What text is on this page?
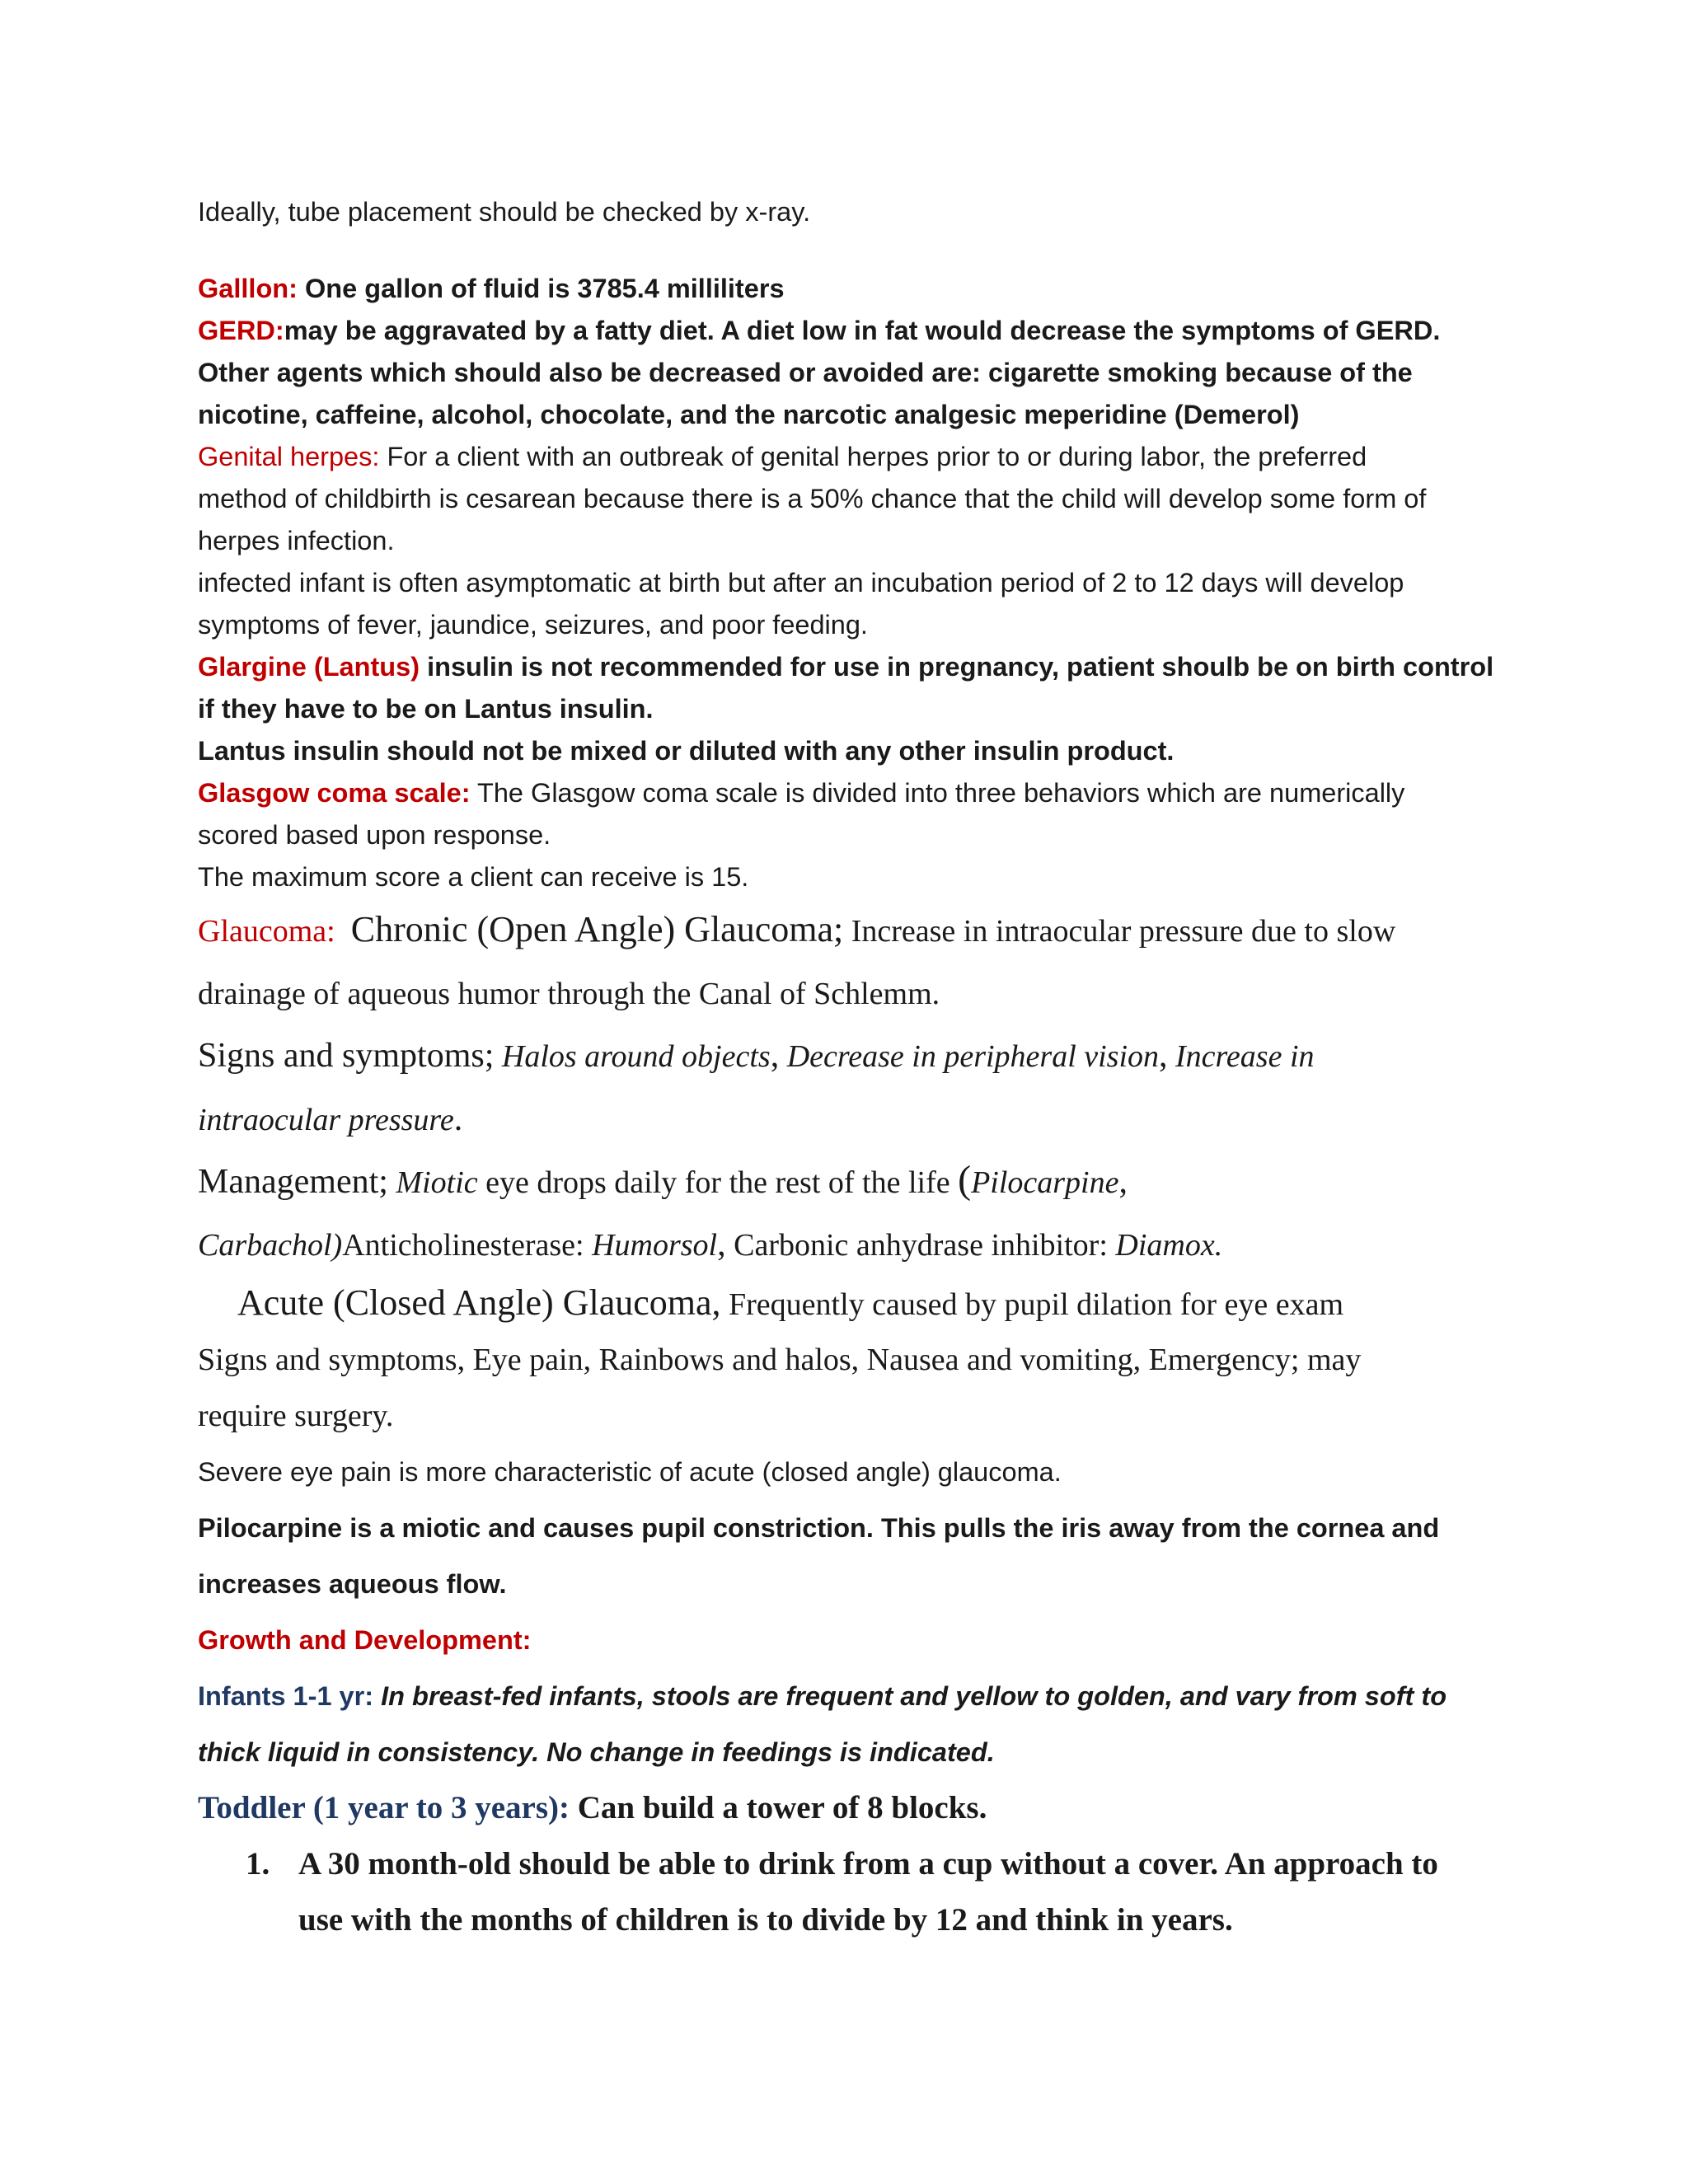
Ideally, tube placement should be checked by x-ray.

Galllon: One gallon of fluid is 3785.4 milliliters

GERD:may be aggravated by a fatty diet. A diet low in fat would decrease the symptoms of GERD.

Other agents which should also be decreased or avoided are: cigarette smoking because of the

nicotine, caffeine, alcohol, chocolate, and the narcotic analgesic meperidine (Demerol)

Genital herpes: For a client with an outbreak of genital herpes prior to or during labor, the preferred

method of childbirth is cesarean because there is a 50% chance that the child will develop some form of

herpes infection.

infected infant is often asymptomatic at birth but after an incubation period of 2 to 12 days will develop

symptoms of fever, jaundice, seizures, and poor feeding.

Glargine (Lantus) insulin is not recommended for use in pregnancy, patient shoulb be on birth control

if they have to be on Lantus insulin.

Lantus insulin should not be mixed or diluted with any other insulin product.

Glasgow coma scale: The Glasgow coma scale is divided into three behaviors which are numerically

scored based upon response.

The maximum score a client can receive is 15.

Glaucoma: Chronic (Open Angle) Glaucoma; Increase in intraocular pressure due to slow

drainage of aqueous humor through the Canal of Schlemm.

Signs and symptoms; Halos around objects, Decrease in peripheral vision, Increase in

intraocular pressure.

Management; Miotic eye drops daily for the rest of the life (Pilocarpine,

Carbachol)Anticholinesterase: Humorsol, Carbonic anhydrase inhibitor: Diamox.

Acute (Closed Angle) Glaucoma, Frequently caused by pupil dilation for eye exam

Signs and symptoms, Eye pain, Rainbows and halos, Nausea and vomiting, Emergency; may

require surgery.

Severe eye pain is more characteristic of acute (closed angle) glaucoma.

Pilocarpine is a miotic and causes pupil constriction. This pulls the iris away from the cornea and

increases aqueous flow.

Growth and Development:

Infants 1-1 yr: In breast-fed infants, stools are frequent and yellow to golden, and vary from soft to

thick liquid in consistency. No change in feedings is indicated.

Toddler (1 year to 3 years): Can build a tower of 8 blocks.

1. A 30 month-old should be able to drink from a cup without a cover. An approach to
use with the months of children is to divide by 12 and think in years.
